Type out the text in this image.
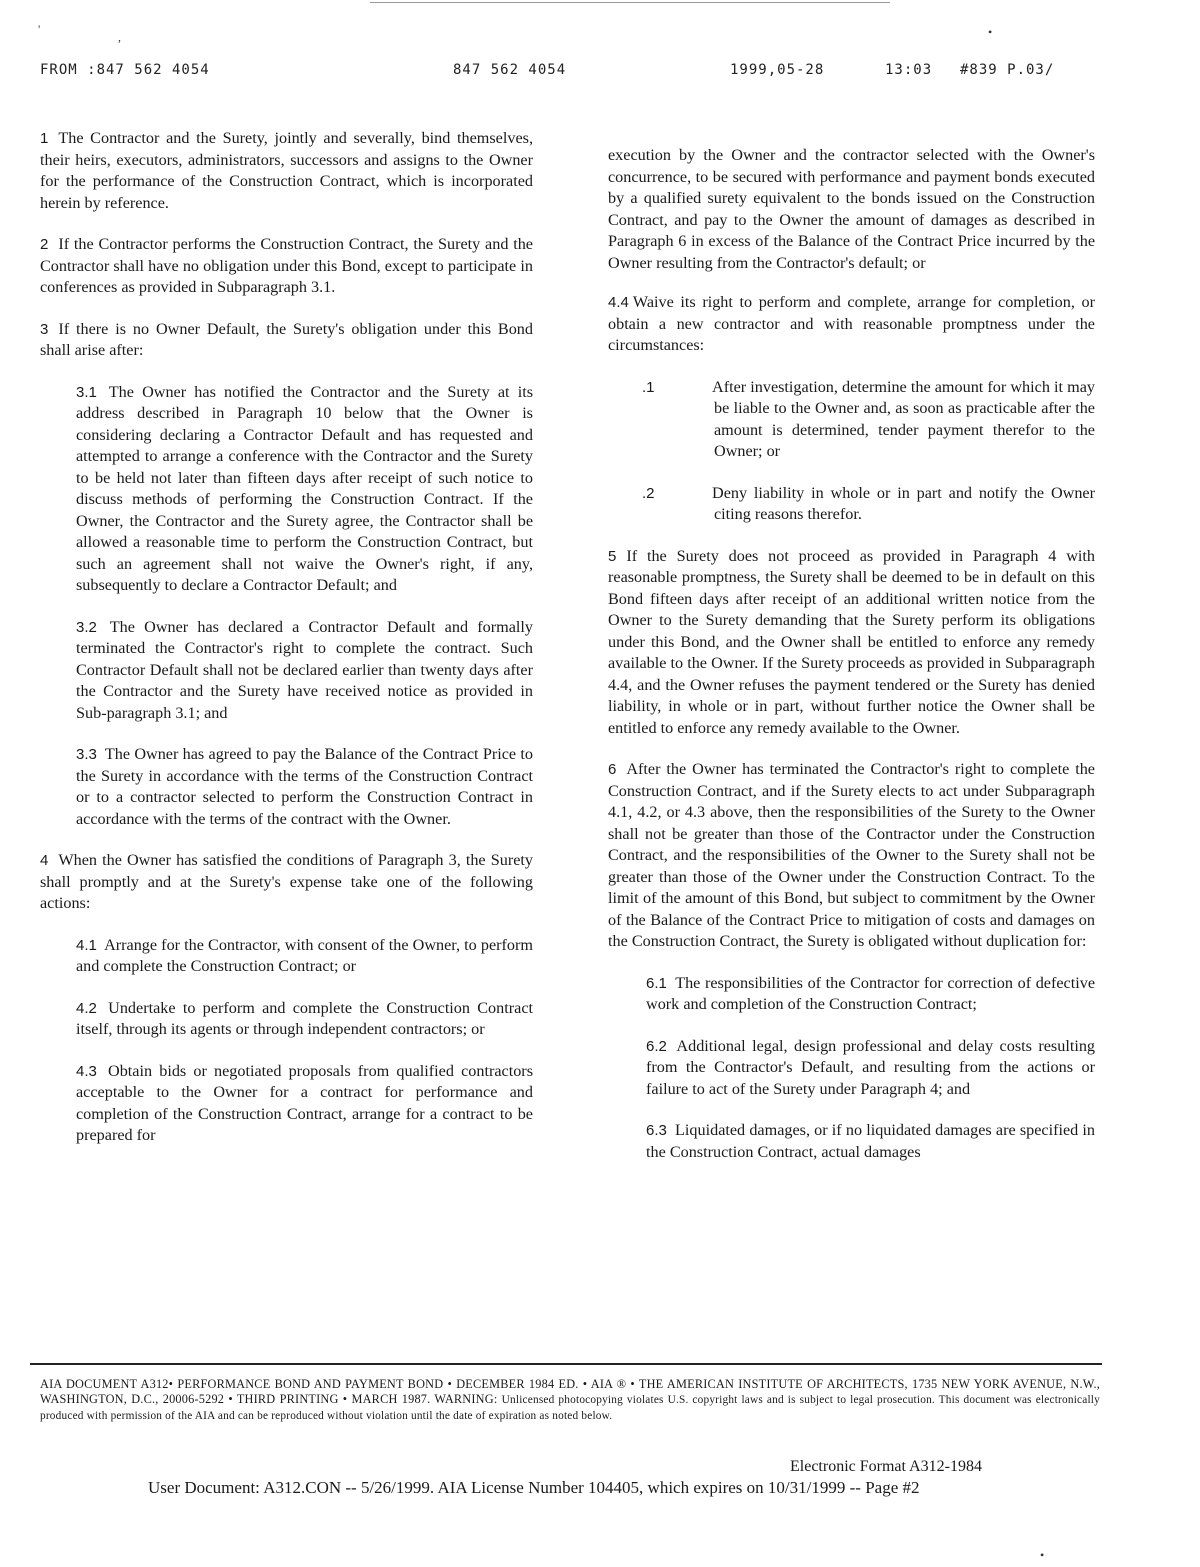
'
,	•
FROM :847 562 4054	847 562 4054	1999,05-28	13:03 #839 P.03/

1 The Contractor and the Surety, jointly and severally, bind themselves, their heirs, executors, administrators, successors and assigns to the Owner for the performance of the Construction Contract, which is incorporated herein by reference.

2 If the Contractor performs the Construction Contract, the Surety and the Contractor shall have no obligation under this Bond, except to participate in conferences as provided in Subparagraph 3.1.

3 If there is no Owner Default, the Surety's obligation under this Bond shall arise after:

3.1 The Owner has notified the Contractor and the Surety at its address described in Paragraph 10 below that the Owner is considering declaring a Contractor Default and has requested and attempted to arrange a conference with the Contractor and the Surety to be held not later than fifteen days after receipt of such notice to discuss methods of performing the Construction Contract. If the Owner, the Contractor and the Surety agree, the Contractor shall be allowed a reasonable time to perform the Construction Contract, but such an agreement shall not waive the Owner's right, if any, subsequently to declare a Contractor Default; and

3.2 The Owner has declared a Contractor Default and formally terminated the Contractor's right to complete the contract. Such Contractor Default shall not be declared earlier than twenty days after the Contractor and the Surety have received notice as provided in Sub-paragraph 3.1; and

3.3 The Owner has agreed to pay the Balance of the Contract Price to the Surety in accordance with the terms of the Construction Contract or to a contractor selected to perform the Construction Contract in accordance with the terms of the contract with the Owner.

4 When the Owner has satisfied the conditions of Paragraph 3, the Surety shall promptly and at the Surety's expense take one of the following actions:

4.1 Arrange for the Contractor, with consent of the Owner, to perform and complete the Construction Contract; or

4.2 Undertake to perform and complete the Construction Contract itself, through its agents or through independent contractors; or

4.3 Obtain bids or negotiated proposals from qualified contractors acceptable to the Owner for a contract for performance and completion of the Construction Contract, arrange for a contract to be prepared for

execution by the Owner and the contractor selected with the Owner's concurrence, to be secured with performance and payment bonds executed by a qualified surety equivalent to the bonds issued on the Construction Contract, and pay to the Owner the amount of damages as described in Paragraph 6 in excess of the Balance of the Contract Price incurred by the Owner resulting from the Contractor's default; or

4.4 Waive its right to perform and complete, arrange for completion, or obtain a new contractor and with reasonable promptness under the circumstances:

.1	After investigation, determine the amount for which it may be liable to the Owner and, as soon as practicable after the amount is determined, tender payment therefor to the Owner; or

.2	Deny liability in whole or in part and notify the Owner citing reasons therefor.

5 If the Surety does not proceed as provided in Paragraph 4 with reasonable promptness, the Surety shall be deemed to be in default on this Bond fifteen days after receipt of an additional written notice from the Owner to the Surety demanding that the Surety perform its obligations under this Bond, and the Owner shall be entitled to enforce any remedy available to the Owner. If the Surety proceeds as provided in Subparagraph 4.4, and the Owner refuses the payment tendered or the Surety has denied liability, in whole or in part, without further notice the Owner shall be entitled to enforce any remedy available to the Owner.

6 After the Owner has terminated the Contractor's right to complete the Construction Contract, and if the Surety elects to act under Subparagraph 4.1, 4.2, or 4.3 above, then the responsibilities of the Surety to the Owner shall not be greater than those of the Contractor under the Construction Contract, and the responsibilities of the Owner to the Surety shall not be greater than those of the Owner under the Construction Contract. To the limit of the amount of this Bond, but subject to commitment by the Owner of the Balance of the Contract Price to mitigation of costs and damages on the Construction Contract, the Surety is obligated without duplication for:

6.1 The responsibilities of the Contractor for correction of defective work and completion of the Construction Contract;

6.2 Additional legal, design professional and delay costs resulting from the Contractor's Default, and resulting from the actions or failure to act of the Surety under Paragraph 4; and

6.3 Liquidated damages, or if no liquidated damages are specified in the Construction Contract, actual damages

AIA DOCUMENT A312• PERFORMANCE BOND AND PAYMENT BOND • DECEMBER 1984 ED. • AIA ® • THE AMERICAN INSTITUTE OF ARCHITECTS, 1735 NEW YORK AVENUE, N.W., WASHINGTON, D.C., 20006-5292 • THIRD PRINTING • MARCH 1987. WARNING: Unlicensed photocopying violates U.S. copyright laws and is subject to legal prosecution. This document was electronically produced with permission of the AIA and can be reproduced without violation until the date of expiration as noted below.
Electronic Format A312-1984
User Document: A312.CON -- 5/26/1999. AIA License Number 104405, which expires on 10/31/1999 -- Page #2
•
